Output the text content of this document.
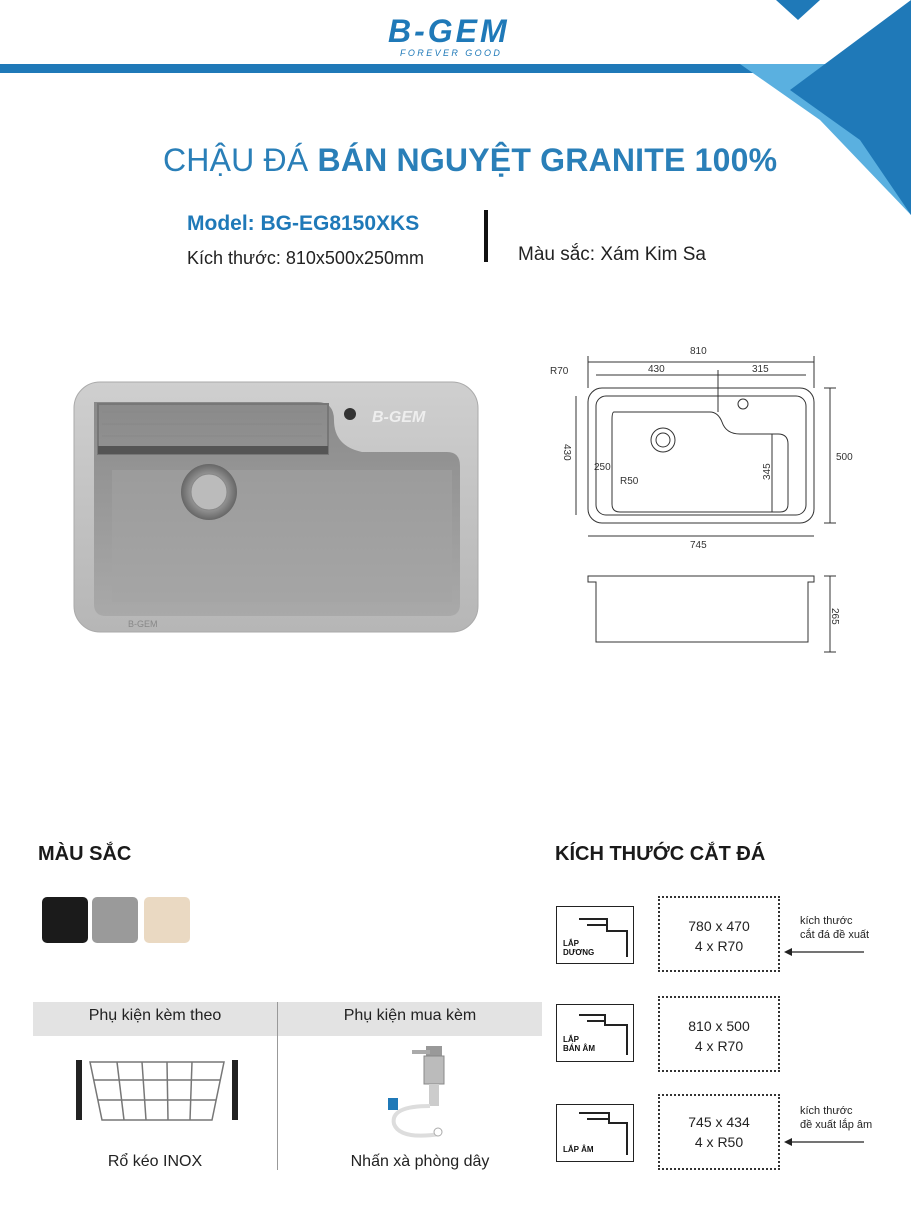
B-GEM
FOREVER GOOD
CHẬU ĐÁ BÁN NGUYỆT GRANITE 100%
Model: BG-EG8150XKS
Kích thước: 810x500x250mm	Màu sắc: Xám Kim Sa
B-GEM
B-GEM
810
430	315
R70
500
430
250
R50
345
745
265
MÀU SẮC
Phụ kiện kèm theo	Phụ kiện mua kèm
Rổ kéo INOX	Nhấn xà phòng dây
KÍCH THƯỚC CẮT ĐÁ
LẮP
DƯƠNG
780 x 470
4 x R70
kích thước
cắt đá đề xuất
LẮP
BÁN ÂM
810 x 500
4 x R70
LẮP ÂM
745 x 434
4 x R50
kích thước
đề xuất lắp âm
